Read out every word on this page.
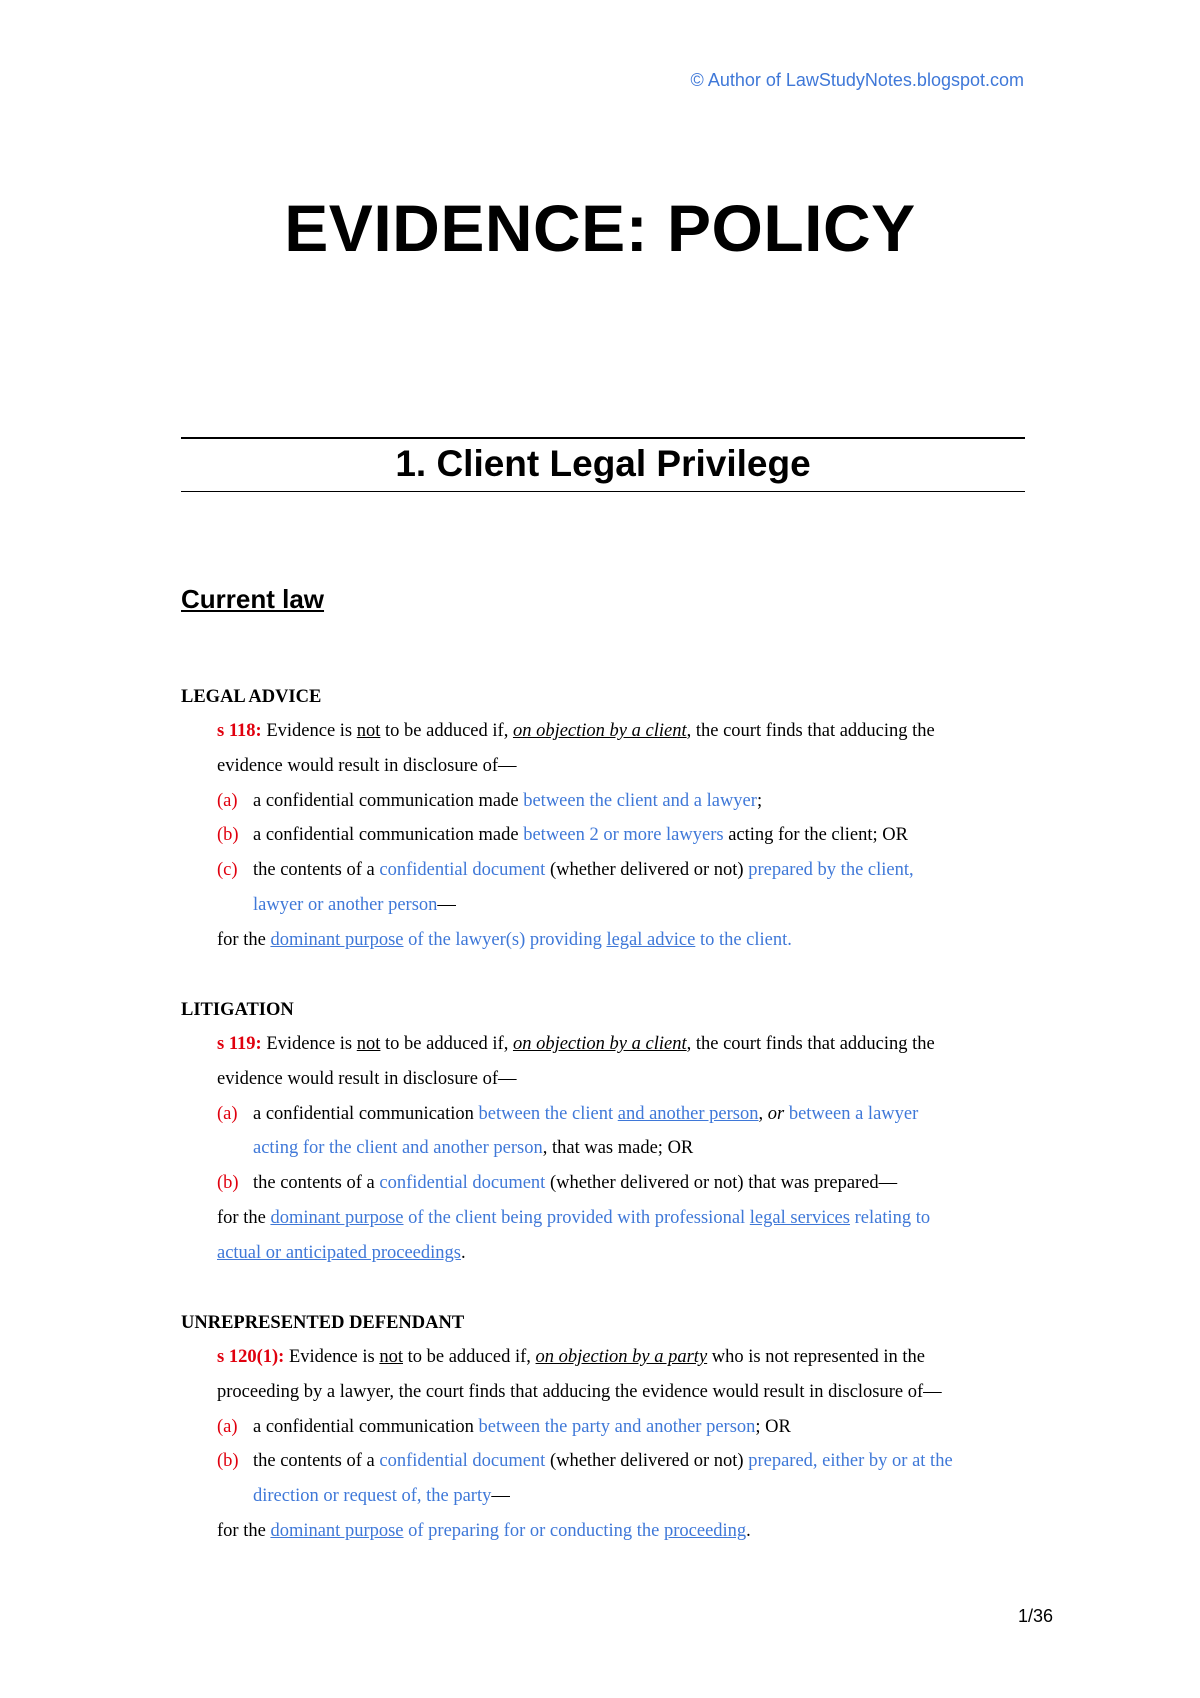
© Author of LawStudyNotes.blogspot.com
EVIDENCE: POLICY
1. Client Legal Privilege
Current law
LEGAL ADVICE
s 118: Evidence is not to be adduced if, on objection by a client, the court finds that adducing the
evidence would result in disclosure of—
(a) a confidential communication made between the client and a lawyer;
(b) a confidential communication made between 2 or more lawyers acting for the client; OR
(c) the contents of a confidential document (whether delivered or not) prepared by the client,
lawyer or another person—
for the dominant purpose of the lawyer(s) providing legal advice to the client.
LITIGATION
s 119: Evidence is not to be adduced if, on objection by a client, the court finds that adducing the
evidence would result in disclosure of—
(a) a confidential communication between the client and another person, or between a lawyer
acting for the client and another person, that was made; OR
(b) the contents of a confidential document (whether delivered or not) that was prepared—
for the dominant purpose of the client being provided with professional legal services relating to
actual or anticipated proceedings.
UNREPRESENTED DEFENDANT
s 120(1): Evidence is not to be adduced if, on objection by a party who is not represented in the
proceeding by a lawyer, the court finds that adducing the evidence would result in disclosure of—
(a) a confidential communication between the party and another person; OR
(b) the contents of a confidential document (whether delivered or not) prepared, either by or at the
direction or request of, the party—
for the dominant purpose of preparing for or conducting the proceeding.
1/36
